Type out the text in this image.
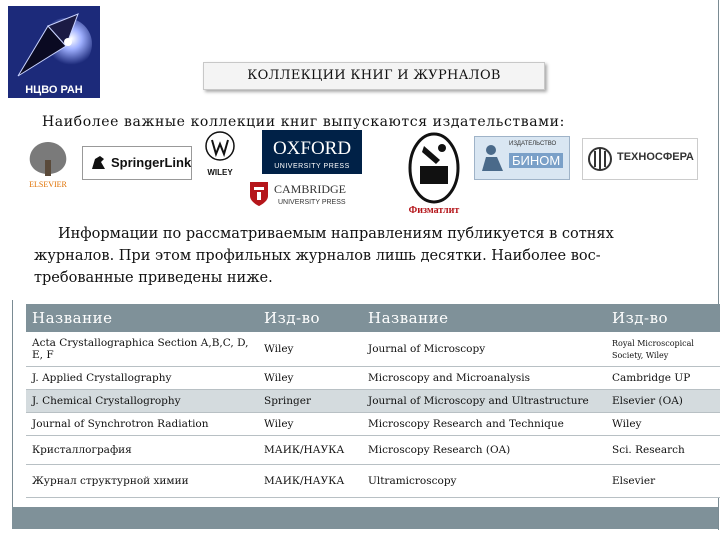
НЦВО РАН
КОЛЛЕКЦИИ КНИГ И ЖУРНАЛОВ
Наиболее важные коллекции книг выпускаются издательствами:
ELSEVIER
SpringerLink
WILEY
OXFORD
UNIVERSITY PRESS
CAMBRIDGE
UNIVERSITY PRESS
Физматлит
ИЗДАТЕЛЬСТВО
БИНОМ	ТЕХНОСФЕРА
Информации по рассматриваемым направлениям публикуется в сотнях журналов. При этом профильных журналов лишь десятки. Наиболее вос- требованные приведены ниже.
Название	Изд-во	Название	Изд-во
Acta Crystallographica Section A,B,C, D, E, F	Wiley	Journal of Microscopy	Royal Microscopical Society, Wiley
J. Applied Crystallography	Wiley	Microscopy and Microanalysis	Cambridge UP
J. Chemical Crystallogrophy	Springer	Journal of Microscopy and Ultrastructure	Elsevier (OA)
Journal of Synchrotron Radiation	Wiley	Microscopy Research and Technique	Wiley
Кристаллография	МАИК/НАУКА	Microscopy Research (OA)	Sci. Research
Журнал структурной химии	МАИК/НАУКА	Ultramicroscopy	Elsevier
